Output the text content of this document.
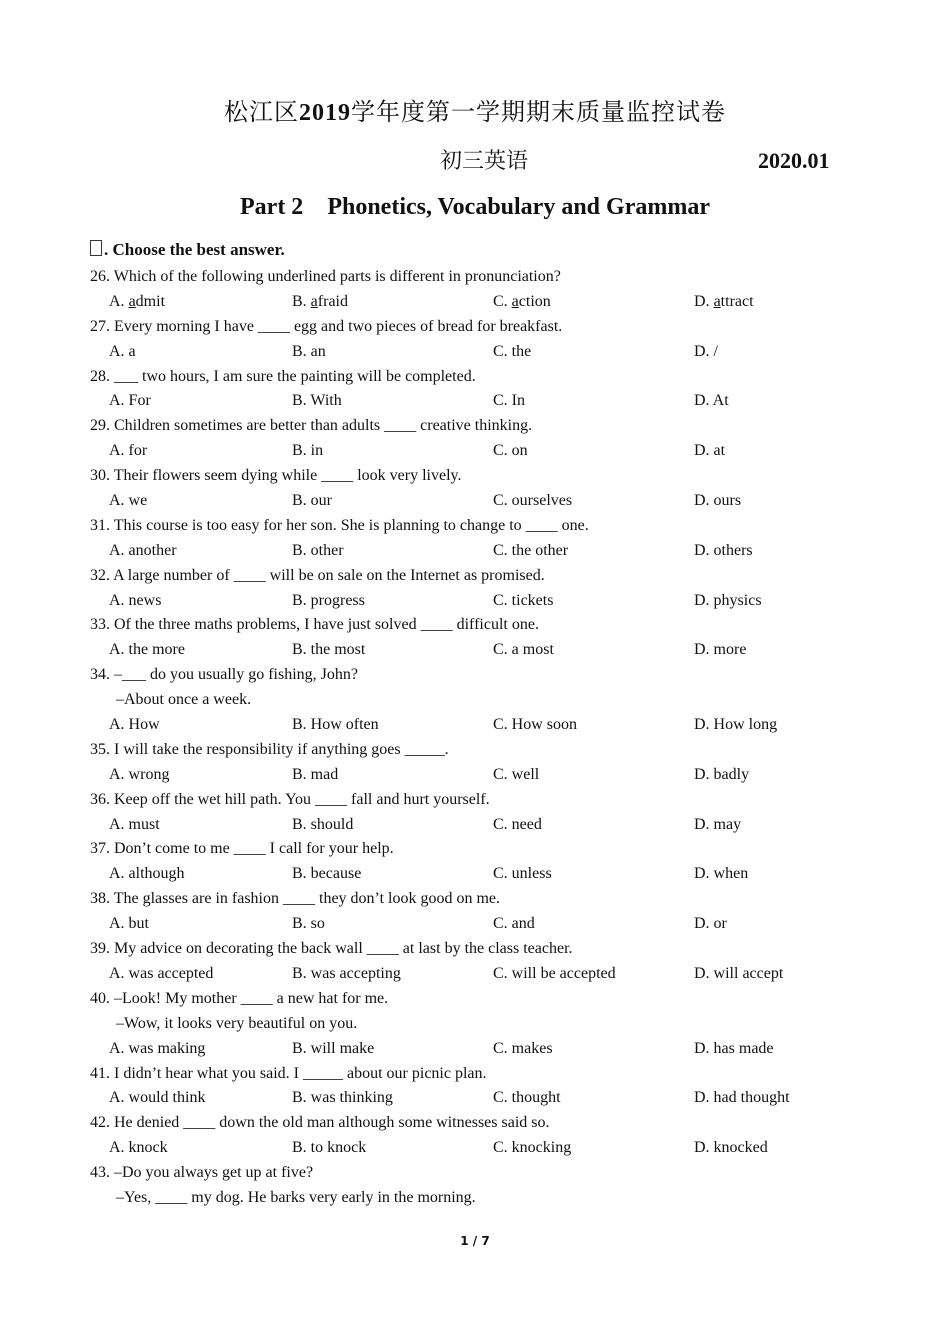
松江区2019学年度第一学期期末质量监控试卷
初三英语	2020.01
Part 2 Phonetics, Vocabulary and Grammar
. Choose the best answer.
26. Which of the following underlined parts is different in pronunciation?
A. admit	B. afraid	C. action	D. attract
27. Every morning I have ____ egg and two pieces of bread for breakfast.
A. a	B. an	C. the	D. /
28. ___ two hours, I am sure the painting will be completed.
A. For	B. With	C. In	D. At
29. Children sometimes are better than adults ____ creative thinking.
A. for	B. in	C. on	D. at
30. Their flowers seem dying while ____ look very lively.
A. we	B. our	C. ourselves	D. ours
31. This course is too easy for her son. She is planning to change to ____ one.
A. another	B. other	C. the other	D. others
32. A large number of ____ will be on sale on the Internet as promised.
A. news	B. progress	C. tickets	D. physics
33. Of the three maths problems, I have just solved ____ difficult one.
A. the more	B. the most	C. a most	D. more
34. –___ do you usually go fishing, John?
–About once a week.
A. How	B. How often	C. How soon	D. How long
35. I will take the responsibility if anything goes _____.
A. wrong	B. mad	C. well	D. badly
36. Keep off the wet hill path. You ____ fall and hurt yourself.
A. must	B. should	C. need	D. may
37. Don’t come to me ____ I call for your help.
A. although	B. because	C. unless	D. when
38. The glasses are in fashion ____ they don’t look good on me.
A. but	B. so	C. and	D. or
39. My advice on decorating the back wall ____ at last by the class teacher.
A. was accepted	B. was accepting	C. will be accepted	D. will accept
40. –Look! My mother ____ a new hat for me.
–Wow, it looks very beautiful on you.
A. was making	B. will make	C. makes	D. has made
41. I didn’t hear what you said. I _____ about our picnic plan.
A. would think	B. was thinking	C. thought	D. had thought
42. He denied ____ down the old man although some witnesses said so.
A. knock	B. to knock	C. knocking	D. knocked
43. –Do you always get up at five?
–Yes, ____ my dog. He barks very early in the morning.
1 / 7
